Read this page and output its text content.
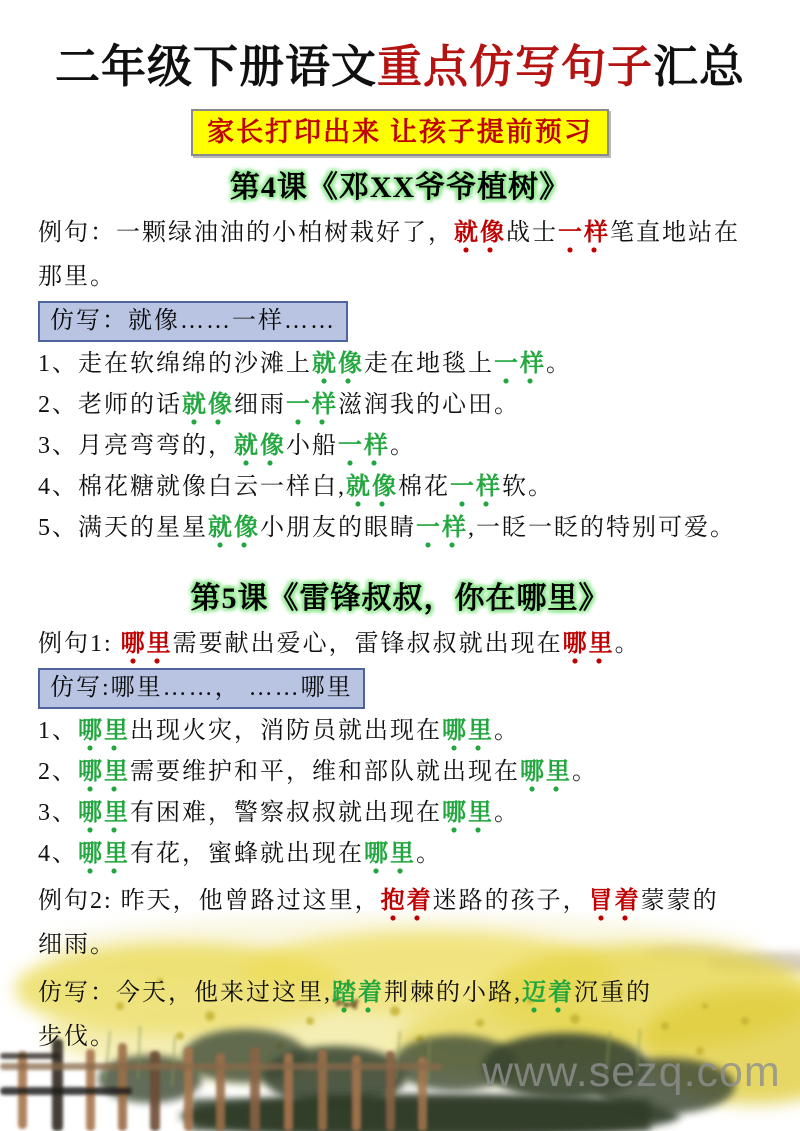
www.sezq.com
二年级下册语文重点仿写句子汇总
家长打印出来 让孩子提前预习
第4课《邓XX爷爷植树》

例句：一颗绿油油的小柏树栽好了，就像战士一样笔直地站在
那里。

仿写：就像……一样……

1、走在软绵绵的沙滩上就像走在地毯上一样。

2、老师的话就像细雨一样滋润我的心田。

3、月亮弯弯的，就像小船一样。

4、棉花糖就像白云一样白,就像棉花一样软。

5、满天的星星就像小朋友的眼睛一样,一眨一眨的特别可爱。

第5课《雷锋叔叔，你在哪里》

例句1: 哪里需要献出爱心，雷锋叔叔就出现在哪里。

仿写:哪里……， ……哪里

1、哪里出现火灾，消防员就出现在哪里。

2、哪里需要维护和平，维和部队就出现在哪里。

3、哪里有困难，警察叔叔就出现在哪里。

4、哪里有花，蜜蜂就出现在哪里。

例句2: 昨天，他曾路过这里，抱着迷路的孩子，冒着蒙蒙的
细雨。

仿写：今天，他来过这里,踏着荆棘的小路,迈着沉重的
步伐。
